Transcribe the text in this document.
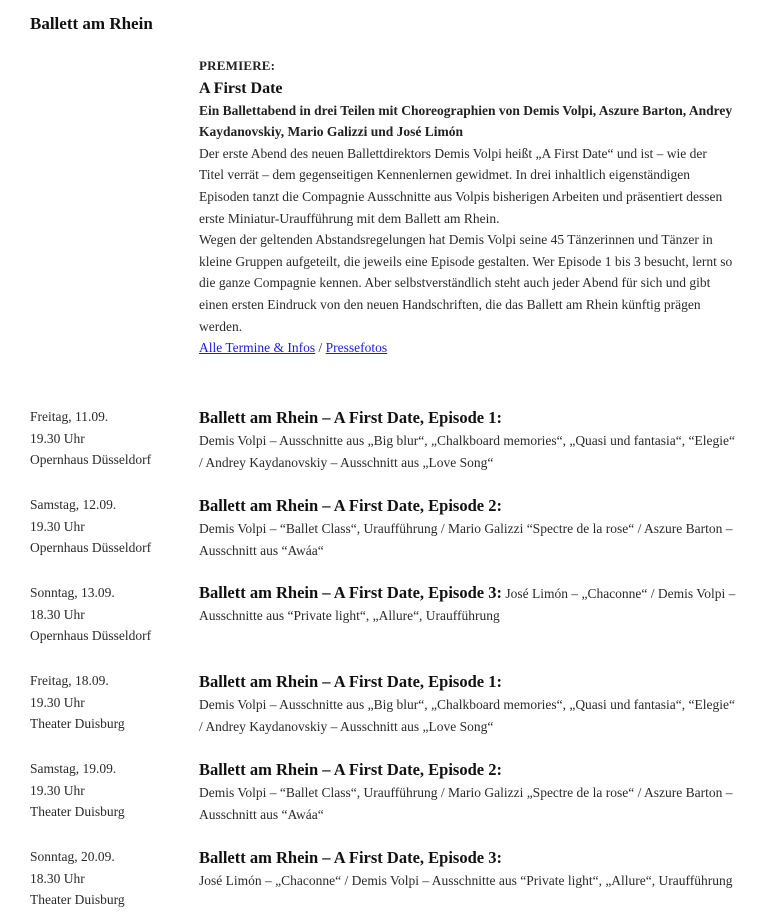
Ballett am Rhein
PREMIERE:
A First Date
Ein Ballettabend in drei Teilen mit Choreographien von Demis Volpi, Aszure Barton, Andrey Kaydanovskiy, Mario Galizzi und José Limón

Der erste Abend des neuen Ballettdirektors Demis Volpi heißt „A First Date“ und ist – wie der Titel verrät – dem gegenseitigen Kennenlernen gewidmet. In drei inhaltlich eigenständigen Episoden tanzt die Compagnie Ausschnitte aus Volpis bisherigen Arbeiten und präsentiert dessen erste Miniatur-Uraufführung mit dem Ballett am Rhein.

Wegen der geltenden Abstandsregelungen hat Demis Volpi seine 45 Tänzerinnen und Tänzer in kleine Gruppen aufgeteilt, die jeweils eine Episode gestalten. Wer Episode 1 bis 3 besucht, lernt so die ganze Compagnie kennen. Aber selbstverständlich steht auch jeder Abend für sich und gibt einen ersten Eindruck von den neuen Handschriften, die das Ballett am Rhein künftig prägen werden.

Alle Termine & Infos / Pressefotos
Freitag, 11.09.
19.30 Uhr
Opernhaus Düsseldorf
Ballett am Rhein – A First Date, Episode 1:
Demis Volpi – Ausschnitte aus „Big blur“, „Chalkboard memories“, „Quasi und fantasia“, “Elegie“ / Andrey Kaydanovskiy – Ausschnitt aus „Love Song“
Samstag, 12.09.
19.30 Uhr
Opernhaus Düsseldorf
Ballett am Rhein – A First Date, Episode 2:
Demis Volpi – “Ballet Class“, Uraufführung / Mario Galizzi “Spectre de la rose“ / Aszure Barton – Ausschnitt aus “Awáa“
Sonntag, 13.09.
18.30 Uhr
Opernhaus Düsseldorf
Ballett am Rhein – A First Date, Episode 3: José Limón – „Chaconne“ / Demis Volpi – Ausschnitte aus “Private light“, „Allure“, Uraufführung
Freitag, 18.09.
19.30 Uhr
Theater Duisburg
Ballett am Rhein – A First Date, Episode 1:
Demis Volpi – Ausschnitte aus „Big blur“, „Chalkboard memories“, „Quasi und fantasia“, “Elegie“ / Andrey Kaydanovskiy – Ausschnitt aus „Love Song“
Samstag, 19.09.
19.30 Uhr
Theater Duisburg
Ballett am Rhein – A First Date, Episode 2:
Demis Volpi – “Ballet Class“, Uraufführung / Mario Galizzi „Spectre de la rose“ / Aszure Barton – Ausschnitt aus “Awáa“
Sonntag, 20.09.
18.30 Uhr
Theater Duisburg
Ballett am Rhein – A First Date, Episode 3:
José Limón – „Chaconne“ / Demis Volpi – Ausschnitte aus “Private light“, „Allure“, Uraufführung
